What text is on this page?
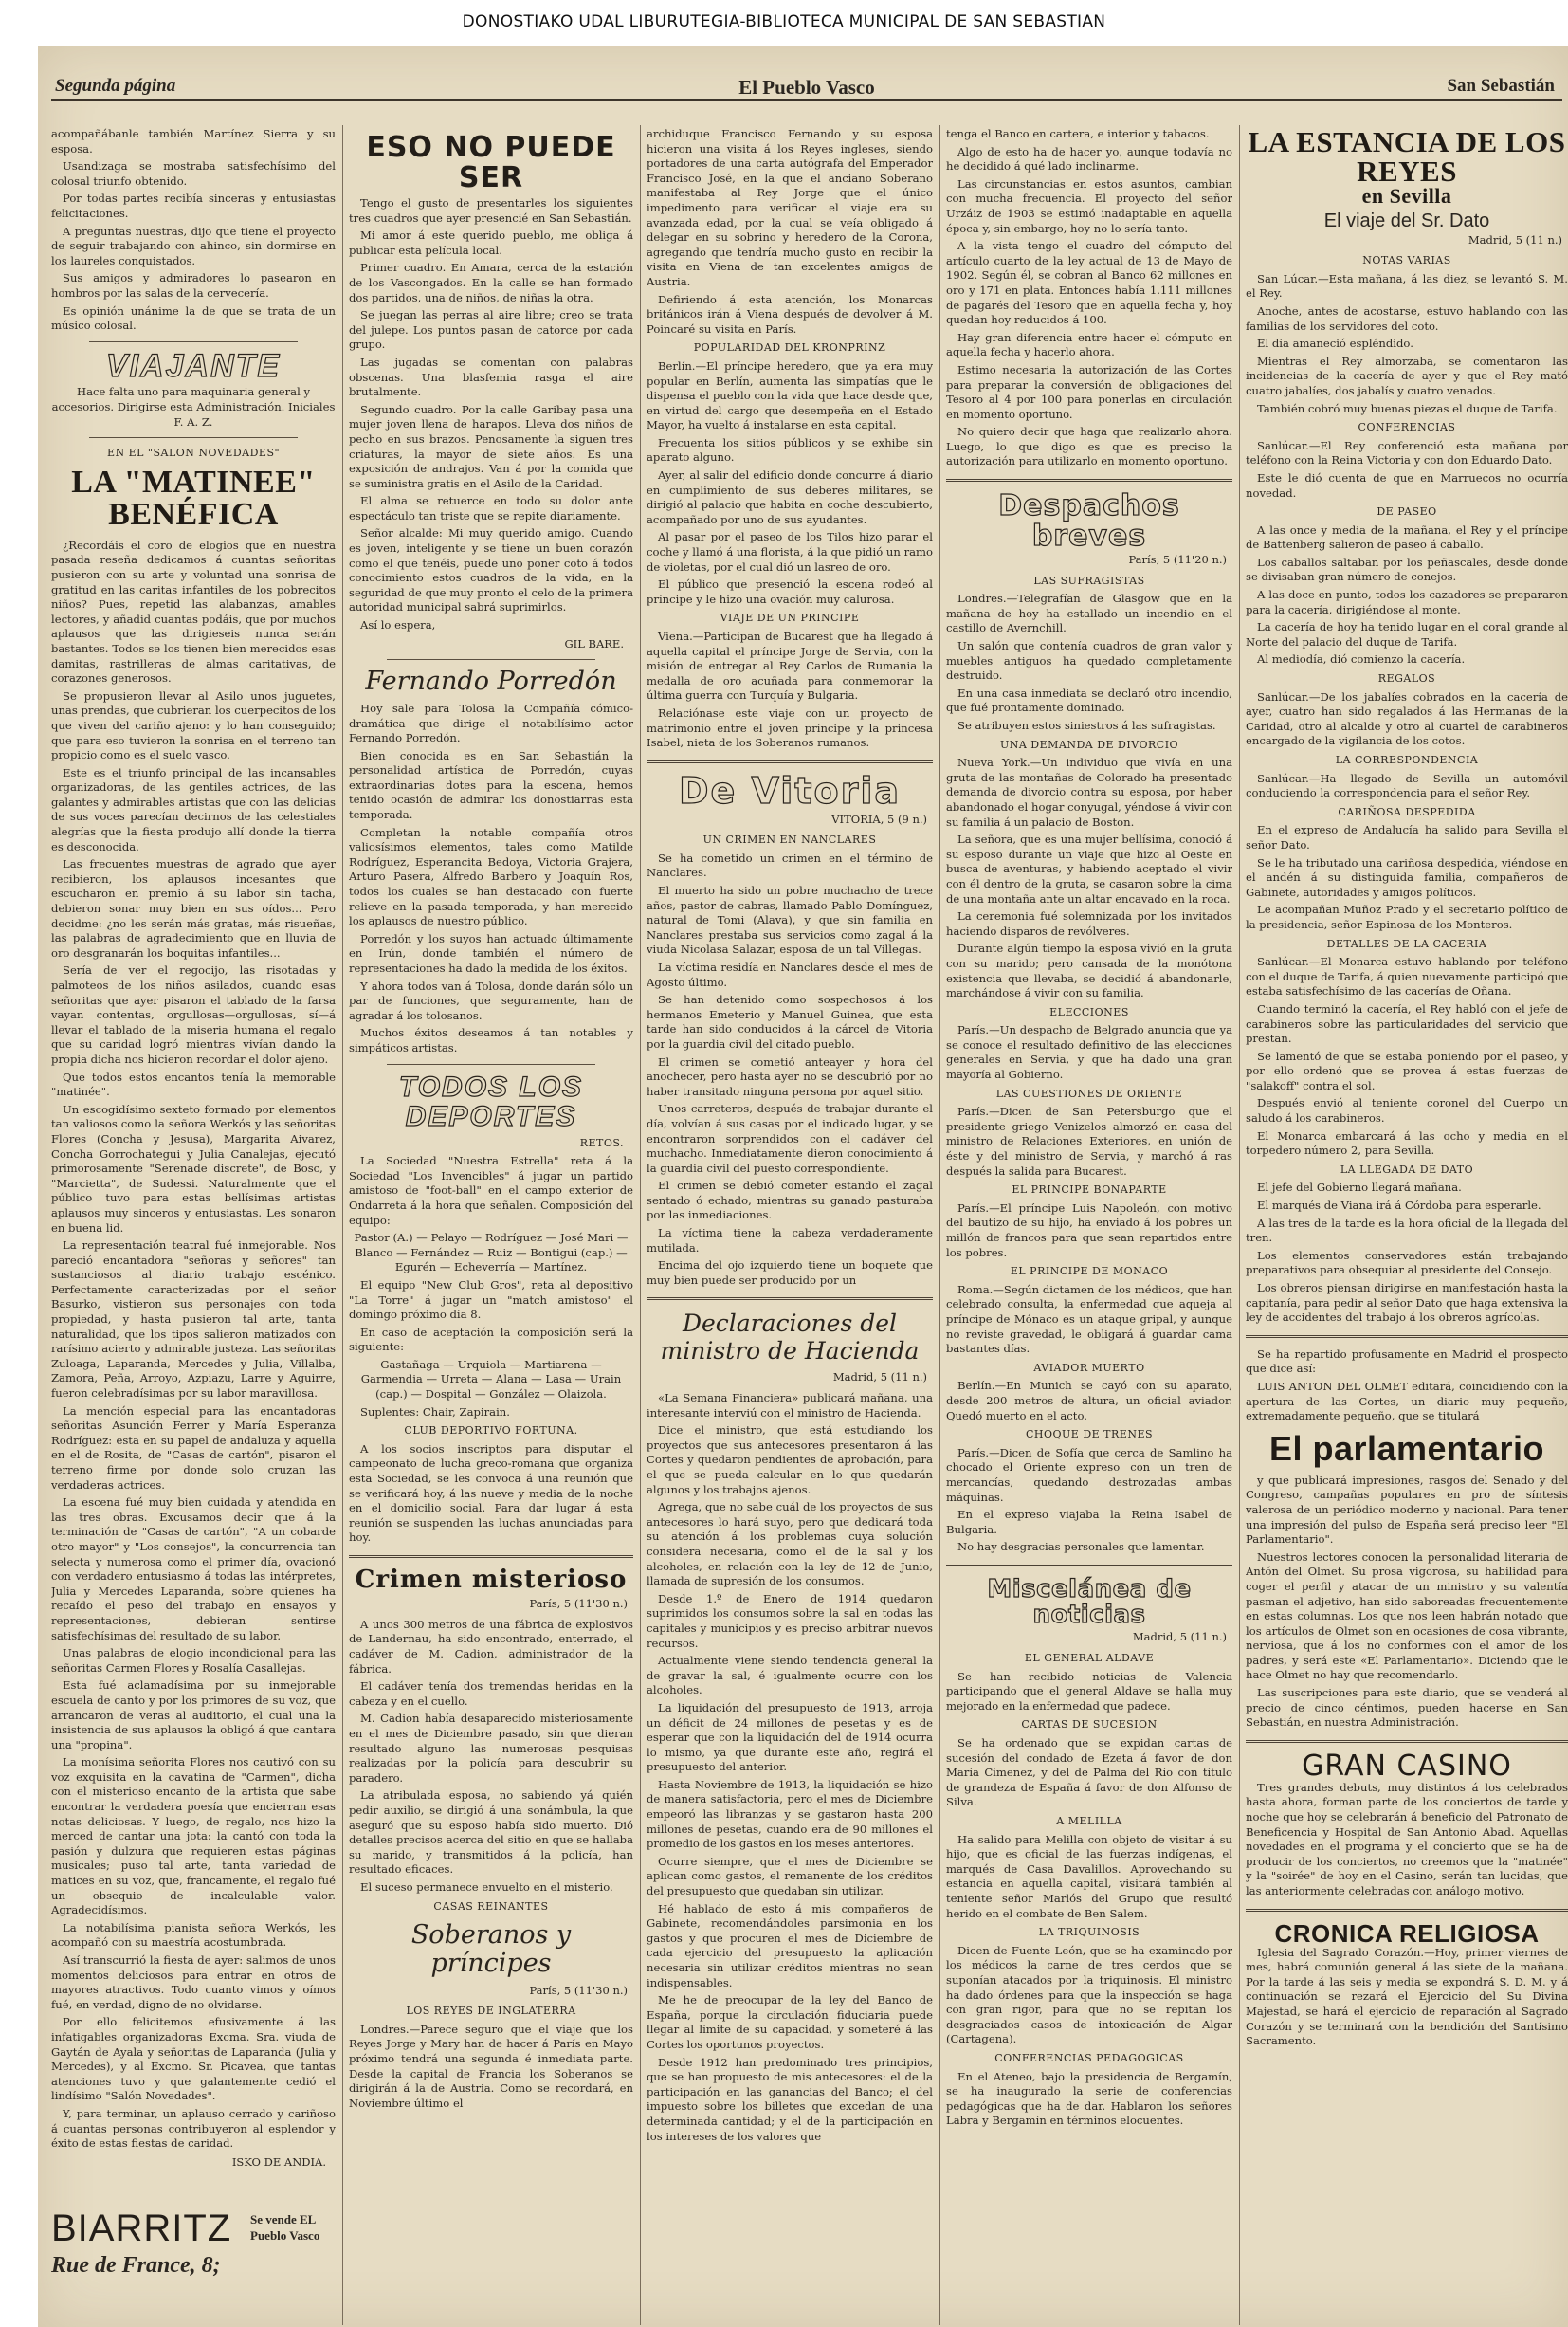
DONOSTIAKO UDAL LIBURUTEGIA-BIBLIOTECA MUNICIPAL DE SAN SEBASTIAN
Segunda página	El Pueblo Vasco	San Sebastián

acompañábanle también Martínez Sierra y su esposa.

Usandizaga se mostraba satisfechísimo del colosal triunfo obtenido.

Por todas partes recibía sinceras y entusiastas felicitaciones.

A preguntas nuestras, dijo que tiene el proyecto de seguir trabajando con ahinco, sin dormirse en los laureles conquistados.

Sus amigos y admiradores lo pasearon en hombros por las salas de la cervecería.

Es opinión unánime la de que se trata de un músico colosal.

VIAJANTE

Hace falta uno para maquinaria general y accesorios. Dirigirse esta Administración. Iniciales F. A. Z.

EN EL "SALON NOVEDADES"
LA "MATINEE" BENÉFICA

¿Recordáis el coro de elogios que en nuestra pasada reseña dedicamos á cuantas señoritas pusieron con su arte y voluntad una sonrisa de gratitud en las caritas infantiles de los pobrecitos niños? Pues, repetid las alabanzas, amables lectores, y añadid cuantas podáis, que por muchos aplausos que las dirigieseis nunca serán bastantes. Todos se los tienen bien merecidos esas damitas, rastrilleras de almas caritativas, de corazones generosos.

Se propusieron llevar al Asilo unos juguetes, unas prendas, que cubrieran los cuerpecitos de los que viven del cariño ajeno: y lo han conseguido; que para eso tuvieron la sonrisa en el terreno tan propicio como es el suelo vasco.

Este es el triunfo principal de las incansables organizadoras, de las gentiles actrices, de las galantes y admirables artistas que con las delicias de sus voces parecían decirnos de las celestiales alegrías que la fiesta produjo allí donde la tierra es desconocida.

Las frecuentes muestras de agrado que ayer recibieron, los aplausos incesantes que escucharon en premio á su labor sin tacha, debieron sonar muy bien en sus oídos... Pero decidme: ¿no les serán más gratas, más risueñas, las palabras de agradecimiento que en lluvia de oro desgranarán los boquitas infantiles...

Sería de ver el regocijo, las risotadas y palmoteos de los niños asilados, cuando esas señoritas que ayer pisaron el tablado de la farsa vayan contentas, orgullosas—orgullosas, sí—á llevar el tablado de la miseria humana el regalo que su caridad logró mientras vivían dando la propia dicha nos hicieron recordar el dolor ajeno.

Que todos estos encantos tenía la memorable "matinée".

Un escogidísimo sexteto formado por elementos tan valiosos como la señora Werkós y las señoritas Flores (Concha y Jesusa), Margarita Aivarez, Concha Gorrochategui y Julia Canalejas, ejecutó primorosamente "Serenade discrete", de Bosc, y "Marcietta", de Sudessi. Naturalmente que el público tuvo para estas bellísimas artistas aplausos muy sinceros y entusiastas. Les sonaron en buena lid.

La representación teatral fué inmejorable. Nos pareció encantadora "señoras y señores" tan sustanciosos al diario trabajo escénico. Perfectamente caracterizadas por el señor Basurko, vistieron sus personajes con toda propiedad, y hasta pusieron tal arte, tanta naturalidad, que los tipos salieron matizados con rarísimo acierto y admirable justeza. Las señoritas Zuloaga, Laparanda, Mercedes y Julia, Villalba, Zamora, Peña, Arroyo, Azpiazu, Larre y Aguirre, fueron celebradísimas por su labor maravillosa.

La mención especial para las encantadoras señoritas Asunción Ferrer y María Esperanza Rodríguez: esta en su papel de andaluza y aquella en el de Rosita, de "Casas de cartón", pisaron el terreno firme por donde solo cruzan las verdaderas actrices.

La escena fué muy bien cuidada y atendida en las tres obras. Excusamos decir que á la terminación de "Casas de cartón", "A un cobarde otro mayor" y "Los consejos", la concurrencia tan selecta y numerosa como el primer día, ovacionó con verdadero entusiasmo á todas las intérpretes, Julia y Mercedes Laparanda, sobre quienes ha recaído el peso del trabajo en ensayos y representaciones, debieran sentirse satisfechísimas del resultado de su labor.

Unas palabras de elogio incondicional para las señoritas Carmen Flores y Rosalía Casallejas.

Esta fué aclamadísima por su inmejorable escuela de canto y por los primores de su voz, que arrancaron de veras al auditorio, el cual una la insistencia de sus aplausos la obligó á que cantara una "propina".

La monísima señorita Flores nos cautivó con su voz exquisita en la cavatina de "Carmen", dicha con el misterioso encanto de la artista que sabe encontrar la verdadera poesía que encierran esas notas deliciosas. Y luego, de regalo, nos hizo la merced de cantar una jota: la cantó con toda la pasión y dulzura que requieren estas páginas musicales; puso tal arte, tanta variedad de matices en su voz, que, francamente, el regalo fué un obsequio de incalculable valor. Agradecidísimos.

La notabilísima pianista señora Werkós, les acompañó con su maestría acostumbrada.

Así transcurrió la fiesta de ayer: salimos de unos momentos deliciosos para entrar en otros de mayores atractivos. Todo cuanto vimos y oímos fué, en verdad, digno de no olvidarse.

Por ello felicitemos efusivamente á las infatigables organizadoras Excma. Sra. viuda de Gaytán de Ayala y señoritas de Laparanda (Julia y Mercedes), y al Excmo. Sr. Picavea, que tantas atenciones tuvo y que galantemente cedió el lindísimo "Salón Novedades".

Y, para terminar, un aplauso cerrado y cariñoso á cuantas personas contribuyeron al esplendor y éxito de estas fiestas de caridad.

ISKO DE ANDIA.
BIARRITZ Se vende EL Pueblo Vasco
Rue de France, 8;
ESO NO PUEDE SER

Tengo el gusto de presentarles los siguientes tres cuadros que ayer presencié en San Sebastián.

Mi amor á este querido pueblo, me obliga á publicar esta película local.

Primer cuadro. En Amara, cerca de la estación de los Vascongados. En la calle se han formado dos partidos, una de niños, de niñas la otra.

Se juegan las perras al aire libre; creo se trata del julepe. Los puntos pasan de catorce por cada grupo.

Las jugadas se comentan con palabras obscenas. Una blasfemia rasga el aire brutalmente.

Segundo cuadro. Por la calle Garibay pasa una mujer joven llena de harapos. Lleva dos niños de pecho en sus brazos. Penosamente la siguen tres criaturas, la mayor de siete años. Es una exposición de andrajos. Van á por la comida que se suministra gratis en el Asilo de la Caridad.

El alma se retuerce en todo su dolor ante espectáculo tan triste que se repite diariamente.

Señor alcalde: Mi muy querido amigo. Cuando es joven, inteligente y se tiene un buen corazón como el que tenéis, puede uno poner coto á todos conocimiento estos cuadros de la vida, en la seguridad de que muy pronto el celo de la primera autoridad municipal sabrá suprimirlos.

Así lo espera,

GIL BARE.
Fernando Porredón

Hoy sale para Tolosa la Compañía cómico-dramática que dirige el notabilísimo actor Fernando Porredón.

Bien conocida es en San Sebastián la personalidad artística de Porredón, cuyas extraordinarias dotes para la escena, hemos tenido ocasión de admirar los donostiarras esta temporada.

Completan la notable compañía otros valiosísimos elementos, tales como Matilde Rodríguez, Esperancita Bedoya, Victoria Grajera, Arturo Pasera, Alfredo Barbero y Joaquín Ros, todos los cuales se han destacado con fuerte relieve en la pasada temporada, y han merecido los aplausos de nuestro público.

Porredón y los suyos han actuado últimamente en Irún, donde también el número de representaciones ha dado la medida de los éxitos.

Y ahora todos van á Tolosa, donde darán sólo un par de funciones, que seguramente, han de agradar á los tolosanos.

Muchos éxitos deseamos á tan notables y simpáticos artistas.

TODOS LOS DEPORTES
RETOS.

La Sociedad "Nuestra Estrella" reta á la Sociedad "Los Invencibles" á jugar un partido amistoso de "foot-ball" en el campo exterior de Ondarreta á la hora que señalen. Composición del equipo:

Pastor (A.) — Pelayo — Rodríguez — José Mari — Blanco — Fernández — Ruiz — Bontigui (cap.) — Egurén — Echeverría — Martínez.

El equipo "New Club Gros", reta al depositivo "La Torre" á jugar un "match amistoso" el domingo próximo día 8.

En caso de aceptación la composición será la siguiente:

Gastañaga — Urquiola — Martiarena — Garmendia — Urreta — Alana — Lasa — Urain (cap.) — Dospital — González — Olaizola.

Suplentes: Chair, Zapirain.

CLUB DEPORTIVO FORTUNA.

A los socios inscriptos para disputar el campeonato de lucha greco-romana que organiza esta Sociedad, se les convoca á una reunión que se verificará hoy, á las nueve y media de la noche en el domicilio social. Para dar lugar á esta reunión se suspenden las luchas anunciadas para hoy.

Crimen misterioso
París, 5 (11'30 n.)

A unos 300 metros de una fábrica de explosivos de Landernau, ha sido encontrado, enterrado, el cadáver de M. Cadion, administrador de la fábrica.

El cadáver tenía dos tremendas heridas en la cabeza y en el cuello.

M. Cadion había desaparecido misteriosamente en el mes de Diciembre pasado, sin que dieran resultado alguno las numerosas pesquisas realizadas por la policía para descubrir su paradero.

La atribulada esposa, no sabiendo yá quién pedir auxilio, se dirigió á una sonámbula, la que aseguró que su esposo había sido muerto. Dió detalles precisos acerca del sitio en que se hallaba su marido, y transmitidos á la policía, han resultado eficaces.

El suceso permanece envuelto en el misterio.

CASAS REINANTES
Soberanos y príncipes
París, 5 (11'30 n.)
LOS REYES DE INGLATERRA

Londres.—Parece seguro que el viaje que los Reyes Jorge y Mary han de hacer á París en Mayo próximo tendrá una segunda é inmediata parte. Desde la capital de Francia los Soberanos se dirigirán á la de Austria. Como se recordará, en Noviembre último el

archiduque Francisco Fernando y su esposa hicieron una visita á los Reyes ingleses, siendo portadores de una carta autógrafa del Emperador Francisco José, en la que el anciano Soberano manifestaba al Rey Jorge que el único impedimento para verificar el viaje era su avanzada edad, por la cual se veía obligado á delegar en su sobrino y heredero de la Corona, agregando que tendría mucho gusto en recibir la visita en Viena de tan excelentes amigos de Austria.

Defiriendo á esta atención, los Monarcas británicos irán á Viena después de devolver á M. Poincaré su visita en París.

POPULARIDAD DEL KRONPRINZ

Berlín.—El príncipe heredero, que ya era muy popular en Berlín, aumenta las simpatías que le dispensa el pueblo con la vida que hace desde que, en virtud del cargo que desempeña en el Estado Mayor, ha vuelto á instalarse en esta capital.

Frecuenta los sitios públicos y se exhibe sin aparato alguno.

Ayer, al salir del edificio donde concurre á diario en cumplimiento de sus deberes militares, se dirigió al palacio que habita en coche descubierto, acompañado por uno de sus ayudantes.

Al pasar por el paseo de los Tilos hizo parar el coche y llamó á una florista, á la que pidió un ramo de violetas, por el cual dió un lasreo de oro.

El público que presenció la escena rodeó al príncipe y le hizo una ovación muy calurosa.

VIAJE DE UN PRINCIPE

Viena.—Participan de Bucarest que ha llegado á aquella capital el príncipe Jorge de Servia, con la misión de entregar al Rey Carlos de Rumania la medalla de oro acuñada para conmemorar la última guerra con Turquía y Bulgaria.

Relaciónase este viaje con un proyecto de matrimonio entre el joven príncipe y la princesa Isabel, nieta de los Soberanos rumanos.

De Vitoria
VITORIA, 5 (9 n.)
UN CRIMEN EN NANCLARES

Se ha cometido un crimen en el término de Nanclares.

El muerto ha sido un pobre muchacho de trece años, pastor de cabras, llamado Pablo Domínguez, natural de Tomi (Alava), y que sin familia en Nanclares prestaba sus servicios como zagal á la viuda Nicolasa Salazar, esposa de un tal Villegas.

La víctima residía en Nanclares desde el mes de Agosto último.

Se han detenido como sospechosos á los hermanos Emeterio y Manuel Guinea, que esta tarde han sido conducidos á la cárcel de Vitoria por la guardia civil del citado pueblo.

El crimen se cometió anteayer y hora del anochecer, pero hasta ayer no se descubrió por no haber transitado ninguna persona por aquel sitio.

Unos carreteros, después de trabajar durante el día, volvían á sus casas por el indicado lugar, y se encontraron sorprendidos con el cadáver del muchacho. Inmediatamente dieron conocimiento á la guardia civil del puesto correspondiente.

El crimen se debió cometer estando el zagal sentado ó echado, mientras su ganado pasturaba por las inmediaciones.

La víctima tiene la cabeza verdaderamente mutilada.

Encima del ojo izquierdo tiene un boquete que muy bien puede ser producido por un

Declaraciones del ministro de Hacienda
Madrid, 5 (11 n.)

«La Semana Financiera» publicará mañana, una interesante interviú con el ministro de Hacienda.

Dice el ministro, que está estudiando los proyectos que sus antecesores presentaron á las Cortes y quedaron pendientes de aprobación, para el que se pueda calcular en lo que quedarán algunos y los trabajos ajenos.

Agrega, que no sabe cuál de los proyectos de sus antecesores lo hará suyo, pero que dedicará toda su atención á los problemas cuya solución considera necesaria, como el de la sal y los alcoholes, en relación con la ley de 12 de Junio, llamada de supresión de los consumos.

Desde 1.º de Enero de 1914 quedaron suprimidos los consumos sobre la sal en todas las capitales y municipios y es preciso arbitrar nuevos recursos.

Actualmente viene siendo tendencia general la de gravar la sal, é igualmente ocurre con los alcoholes.

La liquidación del presupuesto de 1913, arroja un déficit de 24 millones de pesetas y es de esperar que con la liquidación del de 1914 ocurra lo mismo, ya que durante este año, regirá el presupuesto del anterior.

Hasta Noviembre de 1913, la liquidación se hizo de manera satisfactoria, pero el mes de Diciembre empeoró las libranzas y se gastaron hasta 200 millones de pesetas, cuando era de 90 millones el promedio de los gastos en los meses anteriores.

Ocurre siempre, que el mes de Diciembre se aplican como gastos, el remanente de los créditos del presupuesto que quedaban sin utilizar.

Hé hablado de esto á mis compañeros de Gabinete, recomendándoles parsimonia en los gastos y que procuren el mes de Diciembre de cada ejercicio del presupuesto la aplicación necesaria sin utilizar créditos mientras no sean indispensables.

Me he de preocupar de la ley del Banco de España, porque la circulación fiduciaria puede llegar al límite de su capacidad, y someteré á las Cortes los oportunos proyectos.

Desde 1912 han predominado tres principios, que se han propuesto de mis antecesores: el de la participación en las ganancias del Banco; el del impuesto sobre los billetes que excedan de una determinada cantidad; y el de la participación en los intereses de los valores que

tenga el Banco en cartera, e interior y tabacos.

Algo de esto ha de hacer yo, aunque todavía no he decidido á qué lado inclinarme.

Las circunstancias en estos asuntos, cambian con mucha frecuencia. El proyecto del señor Urzáiz de 1903 se estimó inadaptable en aquella época y, sin embargo, hoy no lo sería tanto.

A la vista tengo el cuadro del cómputo del artículo cuarto de la ley actual de 13 de Mayo de 1902. Según él, se cobran al Banco 62 millones en oro y 171 en plata. Entonces había 1.111 millones de pagarés del Tesoro que en aquella fecha y, hoy quedan hoy reducidos á 100.

Hay gran diferencia entre hacer el cómputo en aquella fecha y hacerlo ahora.

Estimo necesaria la autorización de las Cortes para preparar la conversión de obligaciones del Tesoro al 4 por 100 para ponerlas en circulación en momento oportuno.

No quiero decir que haga que realizarlo ahora. Luego, lo que digo es que es preciso la autorización para utilizarlo en momento oportuno.

Despachos breves
París, 5 (11'20 n.)
LAS SUFRAGISTAS

Londres.—Telegrafían de Glasgow que en la mañana de hoy ha estallado un incendio en el castillo de Avernchill.

Un salón que contenía cuadros de gran valor y muebles antiguos ha quedado completamente destruido.

En una casa inmediata se declaró otro incendio, que fué prontamente dominado.

Se atribuyen estos siniestros á las sufragistas.

UNA DEMANDA DE DIVORCIO

Nueva York.—Un individuo que vivía en una gruta de las montañas de Colorado ha presentado demanda de divorcio contra su esposa, por haber abandonado el hogar conyugal, yéndose á vivir con su familia á un palacio de Boston.

La señora, que es una mujer bellísima, conoció á su esposo durante un viaje que hizo al Oeste en busca de aventuras, y habiendo aceptado el vivir con él dentro de la gruta, se casaron sobre la cima de una montaña ante un altar encavado en la roca.

La ceremonia fué solemnizada por los invitados haciendo disparos de revólveres.

Durante algún tiempo la esposa vivió en la gruta con su marido; pero cansada de la monótona existencia que llevaba, se decidió á abandonarle, marchándose á vivir con su familia.

ELECCIONES

París.—Un despacho de Belgrado anuncia que ya se conoce el resultado definitivo de las elecciones generales en Servia, y que ha dado una gran mayoría al Gobierno.

LAS CUESTIONES DE ORIENTE

París.—Dicen de San Petersburgo que el presidente griego Venizelos almorzó en casa del ministro de Relaciones Exteriores, en unión de éste y del ministro de Servia, y marchó á ras después la salida para Bucarest.

EL PRINCIPE BONAPARTE

París.—El príncipe Luis Napoleón, con motivo del bautizo de su hijo, ha enviado á los pobres un millón de francos para que sean repartidos entre los pobres.

EL PRINCIPE DE MONACO

Roma.—Según dictamen de los médicos, que han celebrado consulta, la enfermedad que aqueja al príncipe de Mónaco es un ataque gripal, y aunque no reviste gravedad, le obligará á guardar cama bastantes días.

AVIADOR MUERTO

Berlín.—En Munich se cayó con su aparato, desde 200 metros de altura, un oficial aviador. Quedó muerto en el acto.

CHOQUE DE TRENES

París.—Dicen de Sofía que cerca de Samlino ha chocado el Oriente expreso con un tren de mercancías, quedando destrozadas ambas máquinas.

En el expreso viajaba la Reina Isabel de Bulgaria.

No hay desgracias personales que lamentar.

Miscelánea de noticias
Madrid, 5 (11 n.)
EL GENERAL ALDAVE

Se han recibido noticias de Valencia participando que el general Aldave se halla muy mejorado en la enfermedad que padece.

CARTAS DE SUCESION

Se ha ordenado que se expidan cartas de sucesión del condado de Ezeta á favor de don María Cimenez, y del de Palma del Río con título de grandeza de España á favor de don Alfonso de Silva.

A MELILLA

Ha salido para Melilla con objeto de visitar á su hijo, que es oficial de las fuerzas indígenas, el marqués de Casa Davalillos. Aprovechando su estancia en aquella capital, visitará también al teniente señor Marlós del Grupo que resultó herido en el combate de Ben Salem.

LA TRIQUINOSIS

Dicen de Fuente León, que se ha examinado por los médicos la carne de tres cerdos que se suponían atacados por la triquinosis. El ministro ha dado órdenes para que la inspección se haga con gran rigor, para que no se repitan los desgraciados casos de intoxicación de Algar (Cartagena).

CONFERENCIAS PEDAGOGICAS

En el Ateneo, bajo la presidencia de Bergamín, se ha inaugurado la serie de conferencias pedagógicas que ha de dar. Hablaron los señores Labra y Bergamín en términos elocuentes.

LA ESTANCIA DE LOS REYES
en Sevilla
El viaje del Sr. Dato
Madrid, 5 (11 n.)
NOTAS VARIAS

San Lúcar.—Esta mañana, á las diez, se levantó S. M. el Rey.

Anoche, antes de acostarse, estuvo hablando con las familias de los servidores del coto.

El día amaneció espléndido.

Mientras el Rey almorzaba, se comentaron las incidencias de la cacería de ayer y que el Rey mató cuatro jabalíes, dos jabalís y cuatro venados.

También cobró muy buenas piezas el duque de Tarifa.

CONFERENCIAS

Sanlúcar.—El Rey conferenció esta mañana por teléfono con la Reina Victoria y con don Eduardo Dato.

Este le dió cuenta de que en Marruecos no ocurría novedad.

DE PASEO

A las once y media de la mañana, el Rey y el príncipe de Battenberg salieron de paseo á caballo.

Los caballos saltaban por los peñascales, desde donde se divisaban gran número de conejos.

A las doce en punto, todos los cazadores se prepararon para la cacería, dirigiéndose al monte.

La cacería de hoy ha tenido lugar en el coral grande al Norte del palacio del duque de Tarifa.

Al mediodía, dió comienzo la cacería.

REGALOS

Sanlúcar.—De los jabalíes cobrados en la cacería de ayer, cuatro han sido regalados á las Hermanas de la Caridad, otro al alcalde y otro al cuartel de carabineros encargado de la vigilancia de los cotos.

LA CORRESPONDENCIA

Sanlúcar.—Ha llegado de Sevilla un automóvil conduciendo la correspondencia para el señor Rey.

CARIÑOSA DESPEDIDA

En el expreso de Andalucía ha salido para Sevilla el señor Dato.

Se le ha tributado una cariñosa despedida, viéndose en el andén á su distinguida familia, compañeros de Gabinete, autoridades y amigos políticos.

Le acompañan Muñoz Prado y el secretario político de la presidencia, señor Espinosa de los Monteros.

DETALLES DE LA CACERIA

Sanlúcar.—El Monarca estuvo hablando por teléfono con el duque de Tarifa, á quien nuevamente participó que estaba satisfechísimo de las cacerías de Oñana.

Cuando terminó la cacería, el Rey habló con el jefe de carabineros sobre las particularidades del servicio que prestan.

Se lamentó de que se estaba poniendo por el paseo, y por ello ordenó que se provea á estas fuerzas de "salakoff" contra el sol.

Después envió al teniente coronel del Cuerpo un saludo á los carabineros.

El Monarca embarcará á las ocho y media en el torpedero número 2, para Sevilla.

LA LLEGADA DE DATO

El jefe del Gobierno llegará mañana.

El marqués de Viana irá á Córdoba para esperarle.

A las tres de la tarde es la hora oficial de la llegada del tren.

Los elementos conservadores están trabajando preparativos para obsequiar al presidente del Consejo.

Los obreros piensan dirigirse en manifestación hasta la capitanía, para pedir al señor Dato que haga extensiva la ley de accidentes del trabajo á los obreros agrícolas.

Se ha repartido profusamente en Madrid el prospecto que dice así:

LUIS ANTON DEL OLMET editará, coincidiendo con la apertura de las Cortes, un diario muy pequeño, extremadamente pequeño, que se titulará

El parlamentario

y que publicará impresiones, rasgos del Senado y del Congreso, campañas populares en pro de síntesis valerosa de un periódico moderno y nacional. Para tener una impresión del pulso de España será preciso leer "El Parlamentario".

Nuestros lectores conocen la personalidad literaria de Antón del Olmet. Su prosa vigorosa, su habilidad para coger el perfil y atacar de un ministro y su valentía pasman el adjetivo, han sido saboreadas frecuentemente en estas columnas. Los que nos leen habrán notado que los artículos de Olmet son en ocasiones de cosa vibrante, nerviosa, que á los no conformes con el amor de los padres, y será este «El Parlamentario». Diciendo que le hace Olmet no hay que recomendarlo.

Las suscripciones para este diario, que se venderá al precio de cinco céntimos, pueden hacerse en San Sebastián, en nuestra Administración.

GRAN CASINO

Tres grandes debuts, muy distintos á los celebrados hasta ahora, forman parte de los conciertos de tarde y noche que hoy se celebrarán á beneficio del Patronato de Beneficencia y Hospital de San Antonio Abad. Aquellas novedades en el programa y el concierto que se ha de producir de los conciertos, no creemos que la "matinée" y la "soirée" de hoy en el Casino, serán tan lucidas, que las anteriormente celebradas con análogo motivo.

CRONICA RELIGIOSA

Iglesia del Sagrado Corazón.—Hoy, primer viernes de mes, habrá comunión general á las siete de la mañana. Por la tarde á las seis y media se expondrá S. D. M. y á continuación se rezará el Ejercicio del Su Divina Majestad, se hará el ejercicio de reparación al Sagrado Corazón y se terminará con la bendición del Santísimo Sacramento.
